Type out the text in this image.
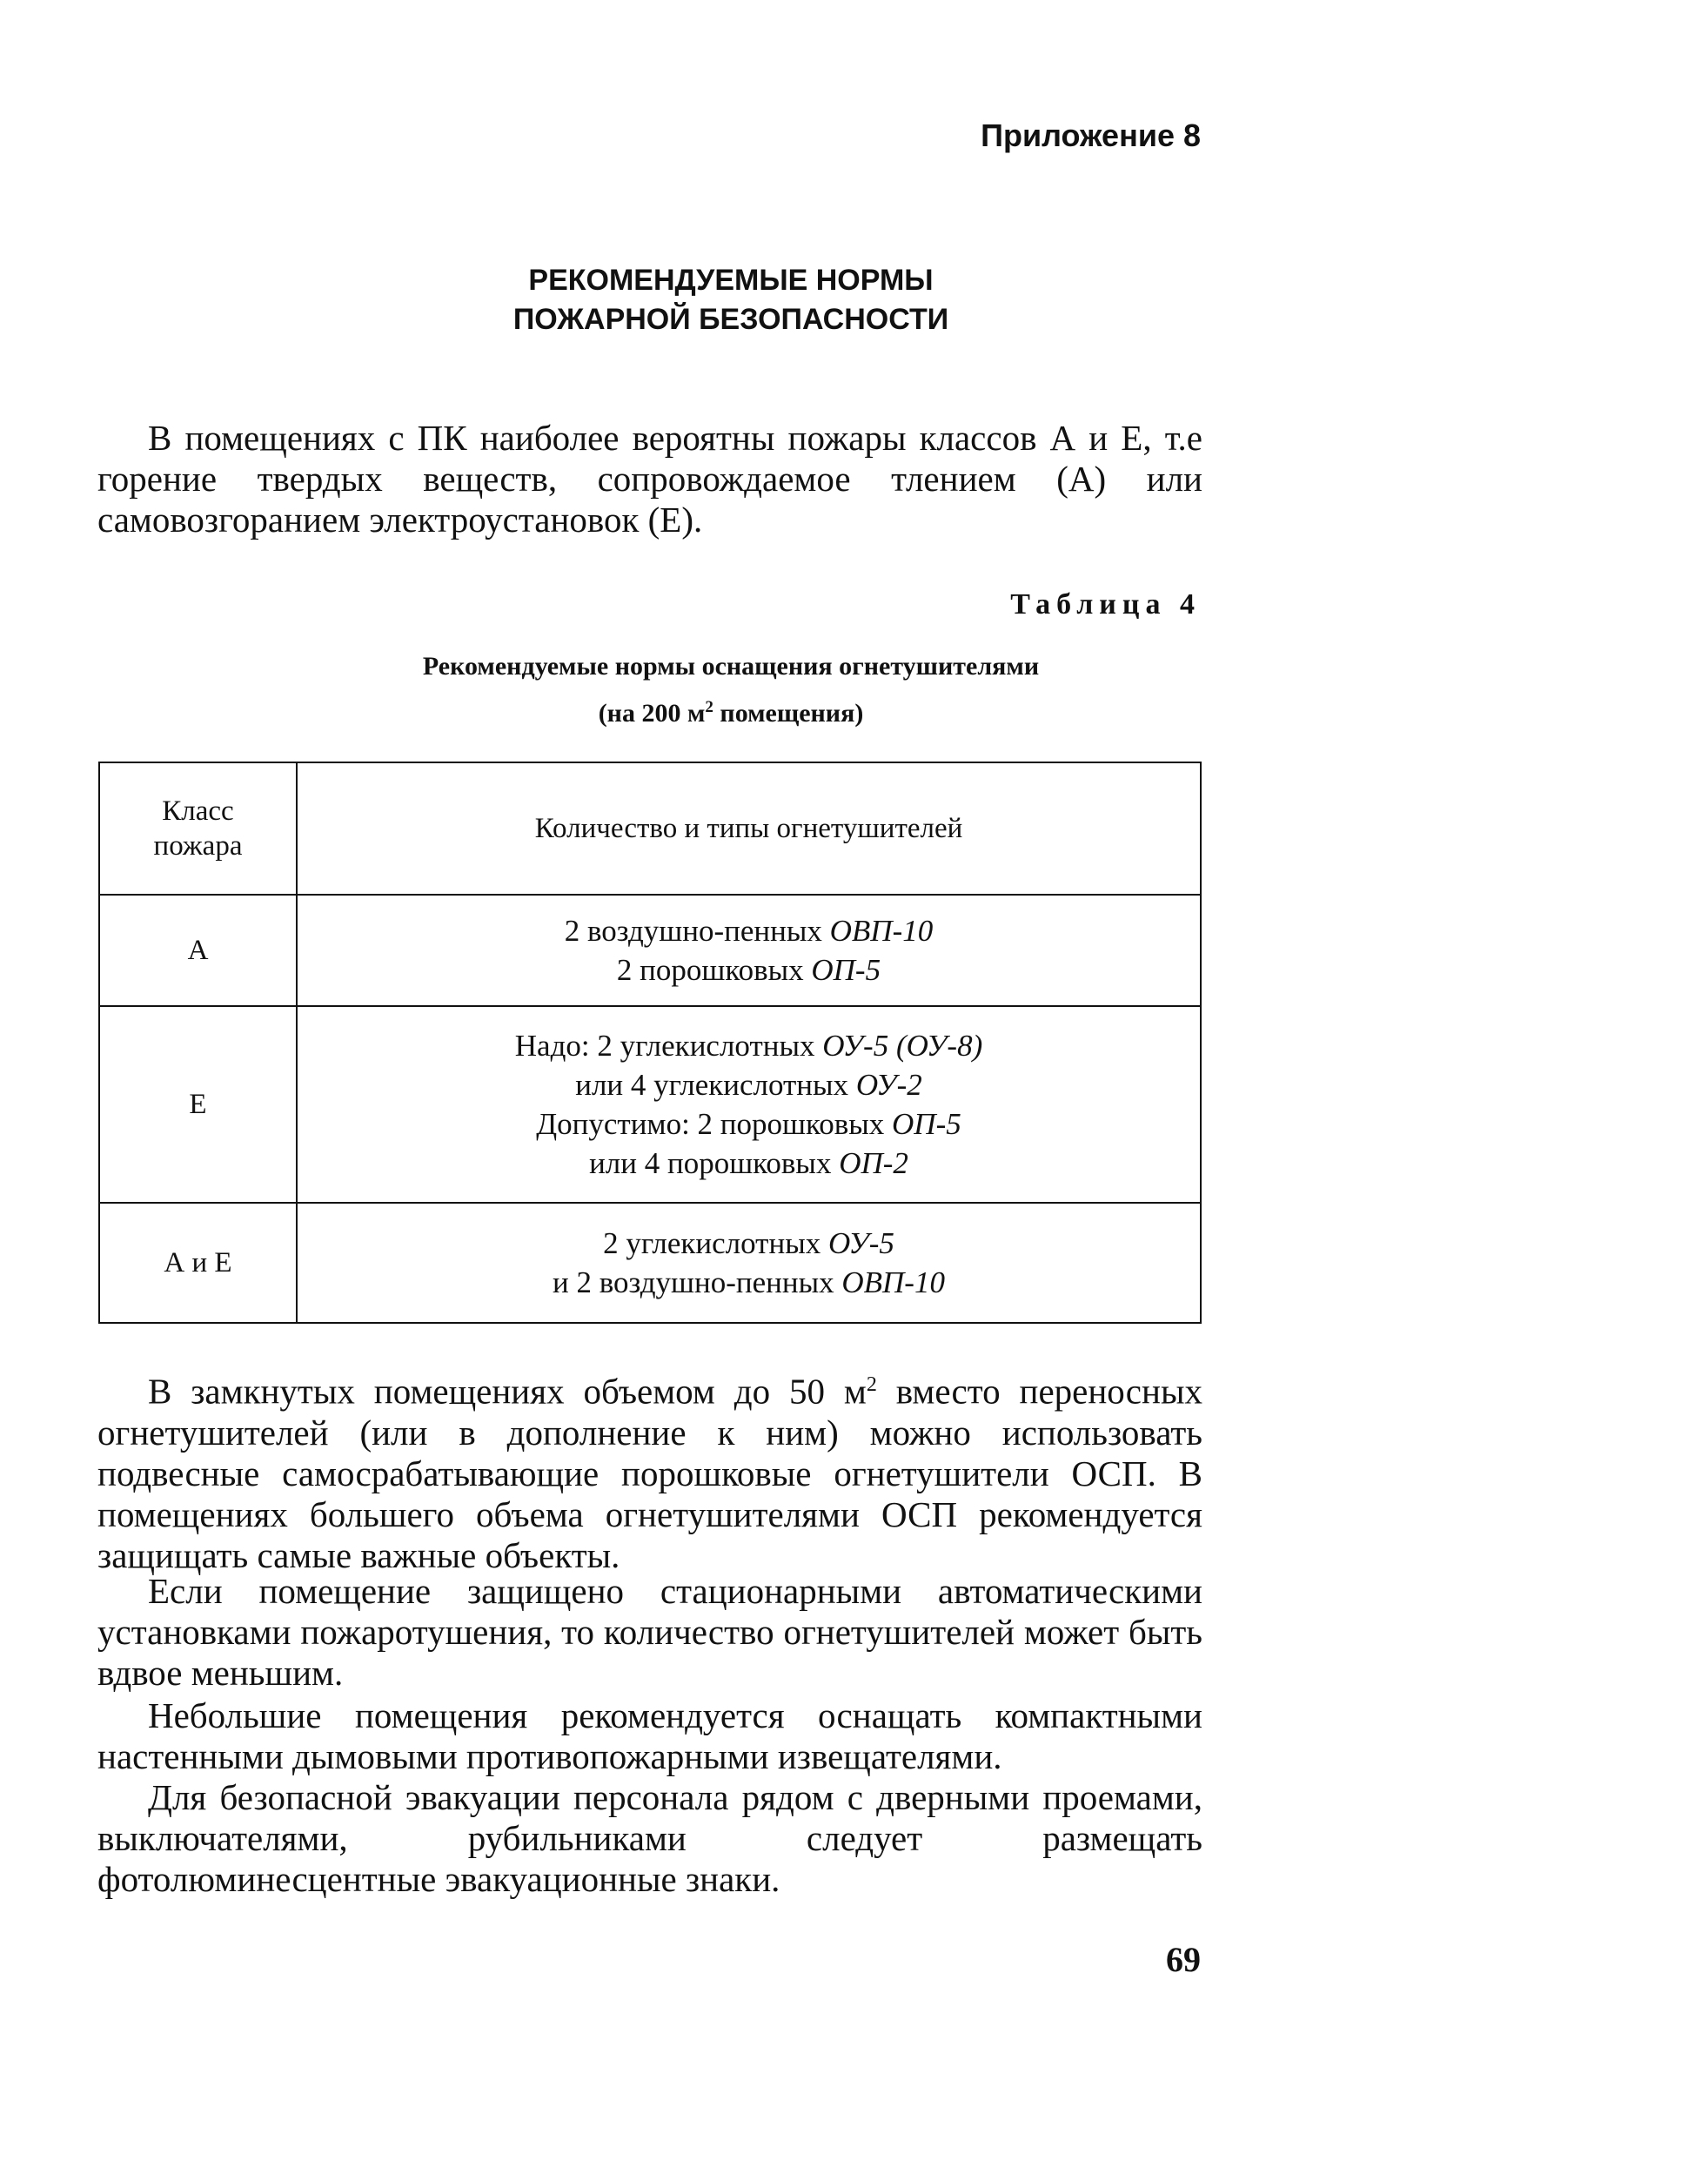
Приложение 8
РЕКОМЕНДУЕМЫЕ НОРМЫ
ПОЖАРНОЙ БЕЗОПАСНОСТИ

В помещениях с ПК наиболее вероятны пожары классов А и Е, т.е горение твердых веществ, сопровождаемое тлением (А) или самовозгоранием электроустановок (Е).

Таблица 4
Рекомендуемые нормы оснащения огнетушителями
(на 200 $м^2$ помещения)
Класс пожара	Количество и типы огнетушителей
А	2 воздушно-пенных ОВП-10
2 порошковых ОП-5

Е	Надо: 2 углекислотных ОУ-5 (ОУ-8)
или 4 углекислотных ОУ-2
Допустимо: 2 порошковых ОП-5
или 4 порошковых ОП-2

А и Е	2 углекислотных ОУ-5
и 2 воздушно-пенных ОВП-10

В замкнутых помещениях объемом до 50 $м^2$ вместо переносных огнетушителей (или в дополнение к ним) можно использовать подвесные самосрабатывающие порошковые огнетушители ОСП. В помещениях большего объема огнетушителями ОСП рекомендуется защищать самые важные объекты.

Если помещение защищено стационарными автоматическими установками пожаротушения, то количество огнетушителей может быть вдвое меньшим.

Небольшие помещения рекомендуется оснащать компактными настенными дымовыми противопожарными извещателями.

Для безопасной эвакуации персонала рядом с дверными проемами, выключателями, рубильниками следует размещать фотолюминесцентные эвакуационные знаки.

69
